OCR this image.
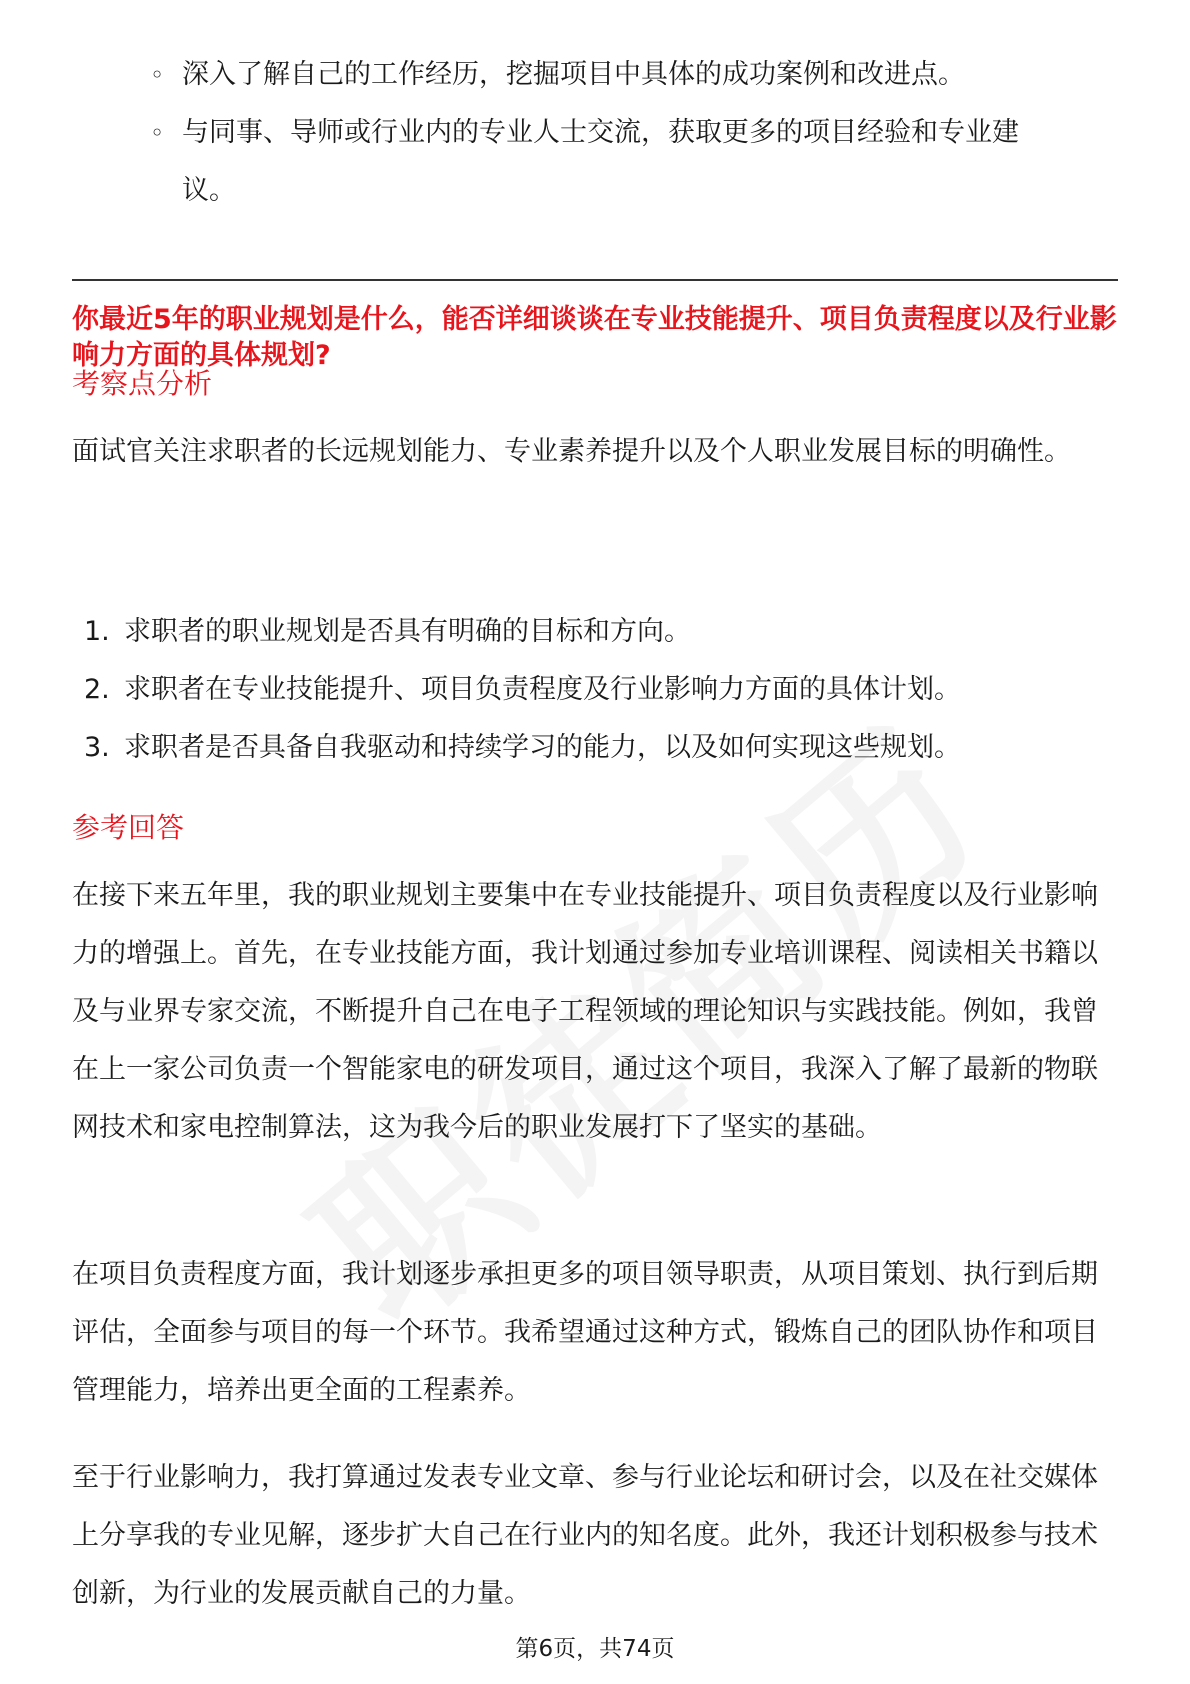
◦ 深入了解自己的工作经历，挖掘项目中具体的成功案例和改进点。
◦ 与同事、导师或行业内的专业人士交流，获取更多的项目经验和专业建议。
你最近5年的职业规划是什么，能否详细谈谈在专业技能提升、项目负责程度以及行业影响力方面的具体规划?
考察点分析

面试官关注求职者的长远规划能力、专业素养提升以及个人职业发展目标的明确性。

1. 求职者的职业规划是否具有明确的目标和方向。
2. 求职者在专业技能提升、项目负责程度及行业影响力方面的具体计划。
3. 求职者是否具备自我驱动和持续学习的能力，以及如何实现这些规划。
参考回答

在接下来五年里，我的职业规划主要集中在专业技能提升、项目负责程度以及行业影响力的增强上。首先，在专业技能方面，我计划通过参加专业培训课程、阅读相关书籍以及与业界专家交流，不断提升自己在电子工程领域的理论知识与实践技能。例如，我曾在上一家公司负责一个智能家电的研发项目，通过这个项目，我深入了解了最新的物联网技术和家电控制算法，这为我今后的职业发展打下了坚实的基础。

在项目负责程度方面，我计划逐步承担更多的项目领导职责，从项目策划、执行到后期评估，全面参与项目的每一个环节。我希望通过这种方式，锻炼自己的团队协作和项目管理能力，培养出更全面的工程素养。

至于行业影响力，我打算通过发表专业文章、参与行业论坛和研讨会，以及在社交媒体上分享我的专业见解，逐步扩大自己在行业内的知名度。此外，我还计划积极参与技术创新，为行业的发展贡献自己的力量。

第6页，共74页
